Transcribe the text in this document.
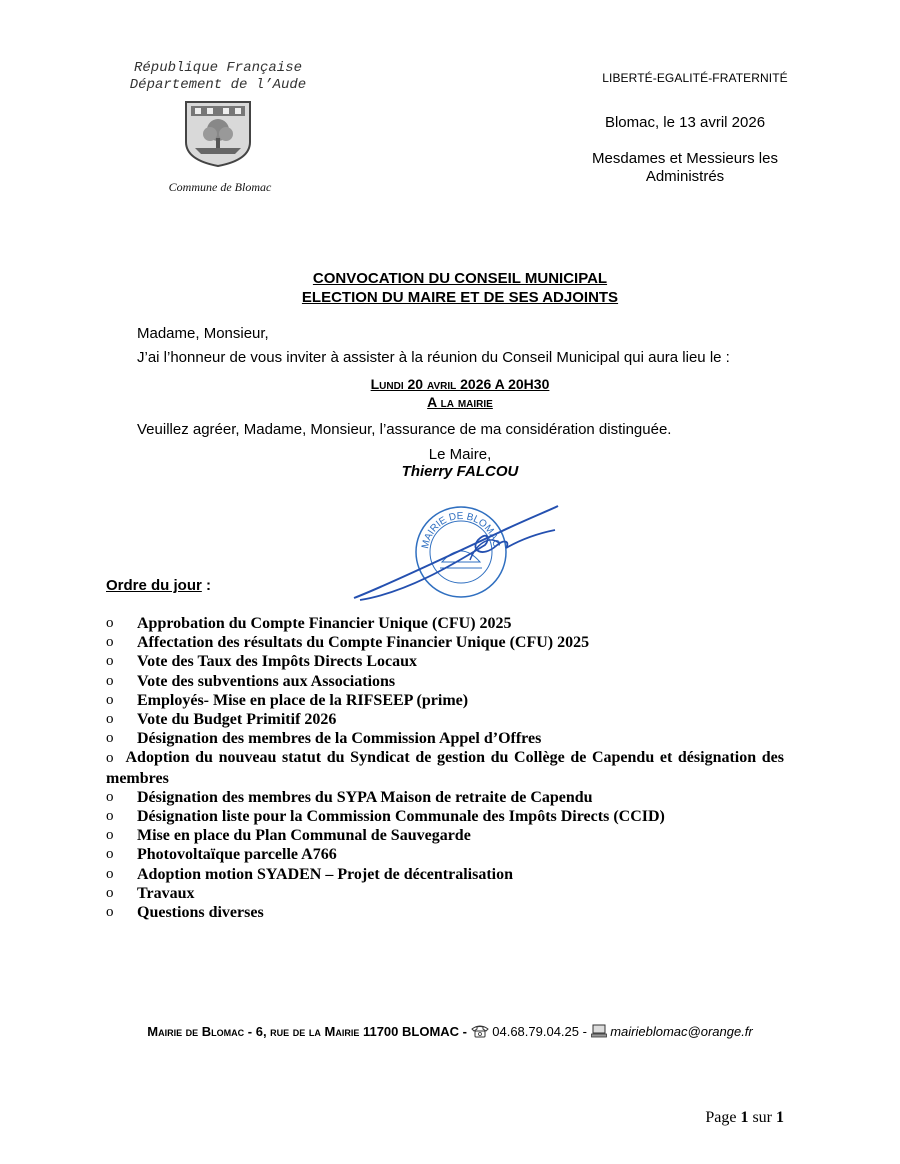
République Française
Département de l’Aude
Commune de Blomac
LIBERTÉ-EGALITÉ-FRATERNITÉ
Blomac, le 13 avril 2026
Mesdames et Messieurs les
Administrés
CONVOCATION DU CONSEIL MUNICIPAL
ELECTION DU MAIRE ET DE SES ADJOINTS
Madame, Monsieur,
J’ai l’honneur de vous inviter à assister à la réunion du Conseil Municipal qui aura lieu le :
Lundi 20 avril 2026 A 20H30
A la mairie
Veuillez agréer, Madame, Monsieur, l’assurance de ma considération distinguée.
Le Maire,
Thierry FALCOU
MAIRIE DE BLOMAC
Ordre du jour :
o Approbation du Compte Financier Unique (CFU) 2025
o Affectation des résultats du Compte Financier Unique (CFU) 2025
o Vote des Taux des Impôts Directs Locaux
o Vote des subventions aux Associations
o Employés- Mise en place de la RIFSEEP (prime)
o Vote du Budget Primitif 2026
o Désignation des membres de la Commission Appel d’Offres
o Adoption du nouveau statut du Syndicat de gestion du Collège de Capendu et désignation des membres
o Désignation des membres du SYPA Maison de retraite de Capendu
o Désignation liste pour la Commission Communale des Impôts Directs (CCID)
o Mise en place du Plan Communal de Sauvegarde
o Photovoltaïque parcelle A766
o Adoption motion SYADEN – Projet de décentralisation
o Travaux
o Questions diverses
Mairie de Blomac - 6, rue de la Mairie 11700 BLOMAC - 04.68.79.04.25 - mairieblomac@orange.fr
Page 1 sur 1
